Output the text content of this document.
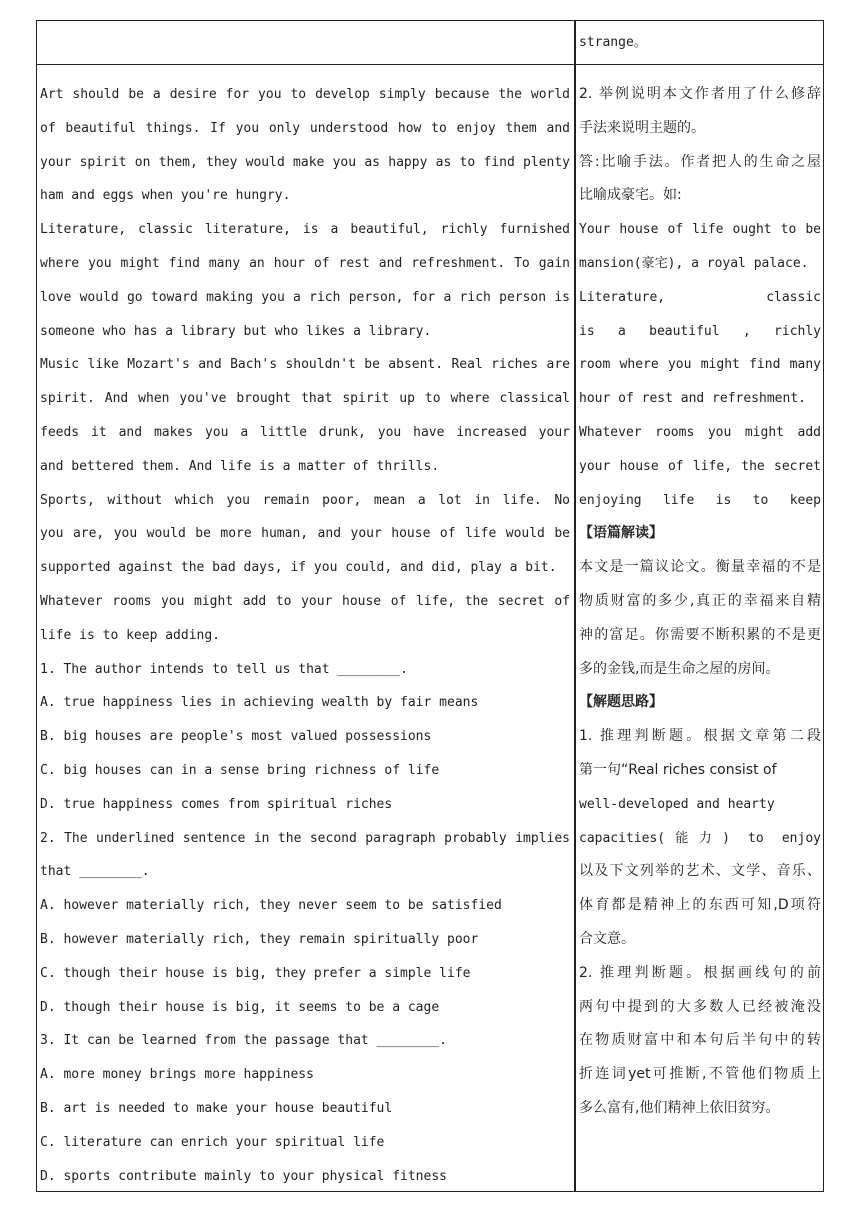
strange。
Art should be a desire for you to develop simply because the world
of beautiful things. If you only understood how to enjoy them and
your spirit on them, they would make you as happy as to find plenty
ham and eggs when you're hungry.
Literature, classic literature, is a beautiful, richly furnished
where you might find many an hour of rest and refreshment. To gain
love would go toward making you a rich person, for a rich person is
someone who has a library but who likes a library.
Music like Mozart's and Bach's shouldn't be absent. Real riches are
spirit. And when you've brought that spirit up to where classical
feeds it and makes you a little drunk, you have increased your
and bettered them. And life is a matter of thrills.
Sports, without which you remain poor, mean a lot in life. No
you are, you would be more human, and your house of life would be
supported against the bad days, if you could, and did, play a bit.
Whatever rooms you might add to your house of life, the secret of
life is to keep adding.
1. The author intends to tell us that ________.
A. true happiness lies in achieving wealth by fair means
B. big houses are people's most valued possessions
C. big houses can in a sense bring richness of life
D. true happiness comes from spiritual riches
2. The underlined sentence in the second paragraph probably implies
that ________.
A. however materially rich, they never seem to be satisfied
B. however materially rich, they remain spiritually poor
C. though their house is big, they prefer a simple life
D. though their house is big, it seems to be a cage
3. It can be learned from the passage that ________.
A. more money brings more happiness
B. art is needed to make your house beautiful
C. literature can enrich your spiritual life
D. sports contribute mainly to your physical fitness
2. 举例说明本文作者用了什么修辞
手法来说明主题的。
答:比喻手法。作者把人的生命之屋
比喻成豪宅。如:
Your house of life ought to be
mansion(豪宅), a royal palace.
Literature, classic
is a beautiful , richly
room where you might find many
hour of rest and refreshment.
Whatever rooms you might add
your house of life, the secret
enjoying life is to keep
【语篇解读】
本文是一篇议论文。衡量幸福的不是
物质财富的多少,真正的幸福来自精
神的富足。你需要不断积累的不是更
多的金钱,而是生命之屋的房间。
【解题思路】
1. 推理判断题。根据文章第二段
第一句“Real riches consist of
well-developed and hearty
capacities(能力) to enjoy
以及下文列举的艺术、文学、音乐、
体育都是精神上的东西可知,D项符
合文意。
2. 推理判断题。根据画线句的前
两句中提到的大多数人已经被淹没
在物质财富中和本句后半句中的转
折连词yet可推断,不管他们物质上
多么富有,他们精神上依旧贫穷。
